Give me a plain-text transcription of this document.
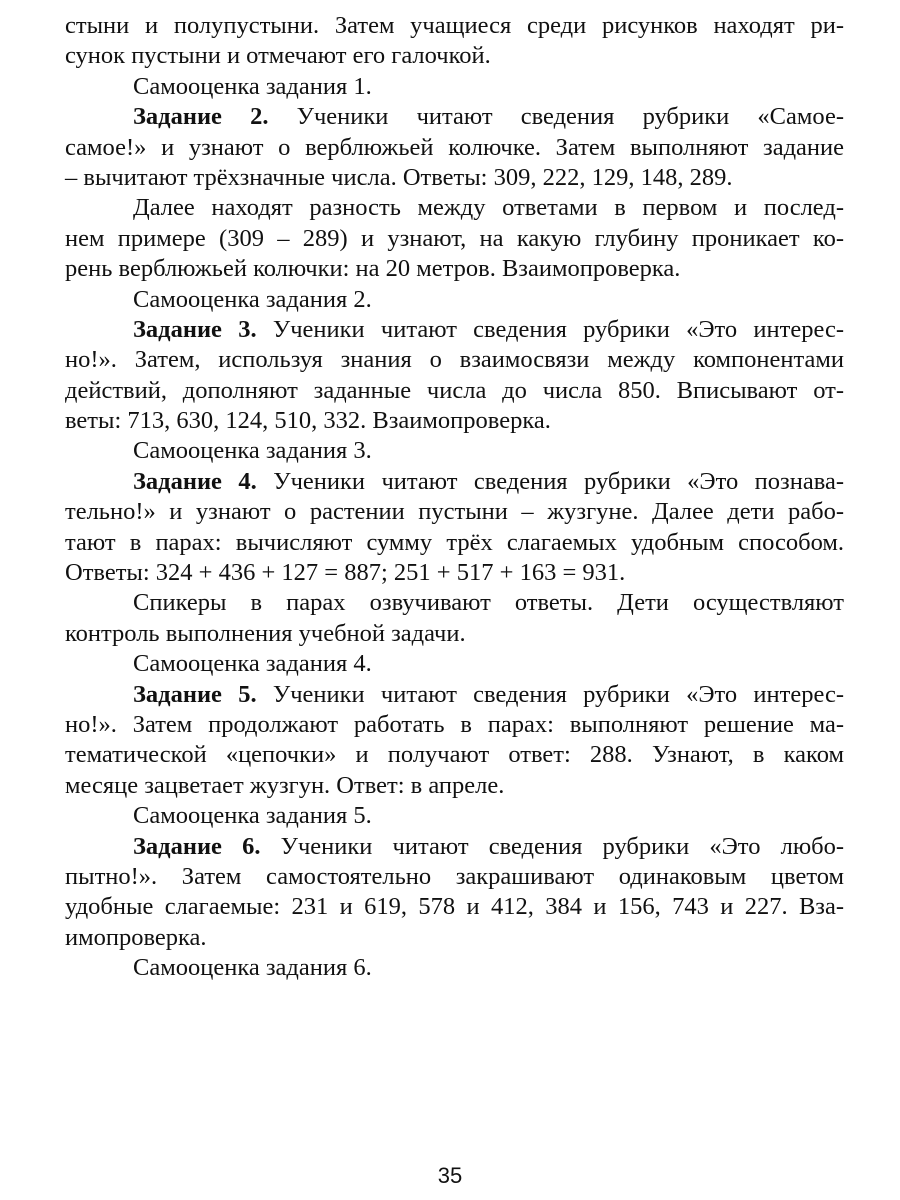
стыни и полупустыни. Затем учащиеся среди рисунков находят ри-
сунок пустыни и отмечают его галочкой.
Самооценка задания 1.
Задание 2. Ученики читают сведения рубрики «Самое-
самое!» и узнают о верблюжьей колючке. Затем выполняют задание
– вычитают трёхзначные числа. Ответы: 309, 222, 129, 148, 289.
Далее находят разность между ответами в первом и послед-
нем примере (309 – 289) и узнают, на какую глубину проникает ко-
рень верблюжьей колючки: на 20 метров. Взаимопроверка.
Самооценка задания 2.
Задание 3. Ученики читают сведения рубрики «Это интерес-
но!». Затем, используя знания о взаимосвязи между компонентами
действий, дополняют заданные числа до числа 850. Вписывают от-
веты: 713, 630, 124, 510, 332. Взаимопроверка.
Самооценка задания 3.
Задание 4. Ученики читают сведения рубрики «Это познава-
тельно!» и узнают о растении пустыни – жузгуне. Далее дети рабо-
тают в парах: вычисляют сумму трёх слагаемых удобным способом.
Ответы: 324 + 436 + 127 = 887; 251 + 517 + 163 = 931.
Спикеры в парах озвучивают ответы. Дети осуществляют
контроль выполнения учебной задачи.
Самооценка задания 4.
Задание 5. Ученики читают сведения рубрики «Это интерес-
но!». Затем продолжают работать в парах: выполняют решение ма-
тематической «цепочки» и получают ответ: 288. Узнают, в каком
месяце зацветает жузгун. Ответ: в апреле.
Самооценка задания 5.
Задание 6. Ученики читают сведения рубрики «Это любо-
пытно!». Затем самостоятельно закрашивают одинаковым цветом
удобные слагаемые: 231 и 619, 578 и 412, 384 и 156, 743 и 227. Вза-
имопроверка.
Самооценка задания 6.
35
